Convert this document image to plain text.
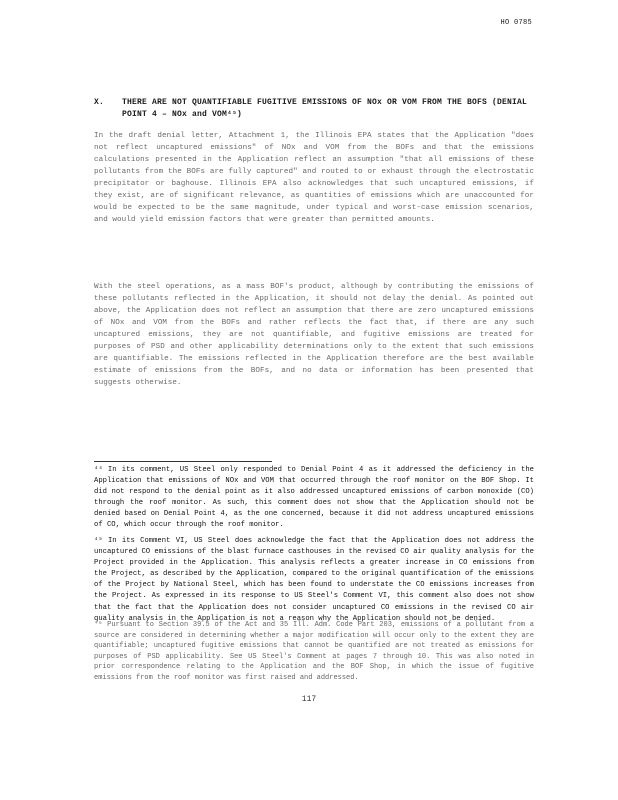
HO 0785
X. THERE ARE NOT QUANTIFIABLE FUGITIVE EMISSIONS OF NOx OR VOM FROM THE BOFS (DENIAL POINT 4 – NOx and VOM⁴⁵)
In the draft denial letter, Attachment 1, the Illinois EPA states that the Application "does not reflect uncaptured emissions" of NOx and VOM from the BOFs and that the emissions calculations presented in the Application reflect an assumption "that all emissions of these pollutants from the BOFs are fully captured" and routed to or exhaust through the electrostatic precipitator or baghouse. Illinois EPA also acknowledges that such uncaptured emissions, if they exist, are of significant relevance, as quantities of emissions which are unaccounted for would be expected to be the same magnitude, under typical and worst-case emission scenarios, and would yield emission factors that were greater than permitted amounts.
With the steel operations, as a mass BOF's product, although by contributing the emissions of these pollutants reflected in the Application, it should not delay the denial. As pointed out above, the Application does not reflect an assumption that there are zero uncaptured emissions of NOx and VOM from the BOFs and rather reflects the fact that, if there are any such uncaptured emissions, they are not quantifiable, and fugitive emissions are treated for purposes of PSD and other applicability determinations only to the extent that such emissions are quantifiable. The emissions reflected in the Application therefore are the best available estimate of emissions from the BOFs, and no data or information has been presented that suggests otherwise.
⁴⁴ In its comment, US Steel only responded to Denial Point 4 as it addressed the deficiency in the Application that emissions of NOx and VOM that occurred through the roof monitor on the BOF Shop. It did not respond to the denial point as it also addressed uncaptured emissions of carbon monoxide (CO) through the roof monitor. As such, this comment does not show that the Application should not be denied based on Denial Point 4, as the one concerned, because it did not address uncaptured emissions of CO, which occur through the roof monitor.
⁴⁵ In its Comment VI, US Steel does acknowledge the fact that the Application does not address the uncaptured CO emissions of the blast furnace casthouses in the revised CO air quality analysis for the Project provided in the Application. This analysis reflects a greater increase in CO emissions from the Project, as described by the Application, compared to the original quantification of the emissions of the Project by National Steel, which has been found to understate the CO emissions increases from the Project. As expressed in its response to US Steel's Comment VI, this comment also does not show that the fact that the Application does not consider uncaptured CO emissions in the revised CO air quality analysis in the Application is not a reason why the Application should not be denied.
⁴⁶ Pursuant to Section 39.5 of the Act and 35 Ill. Adm. Code Part 203, emissions of a pollutant from a source are considered in determining whether a major modification will occur only to the extent they are quantifiable; uncaptured fugitive emissions that cannot be quantified are not treated as emissions for purposes of PSD applicability. See US Steel's Comment at pages 7 through 10. This was also noted in prior correspondence relating to the Application and the BOF Shop, in which the issue of fugitive emissions from the roof monitor was first raised and addressed.
117
